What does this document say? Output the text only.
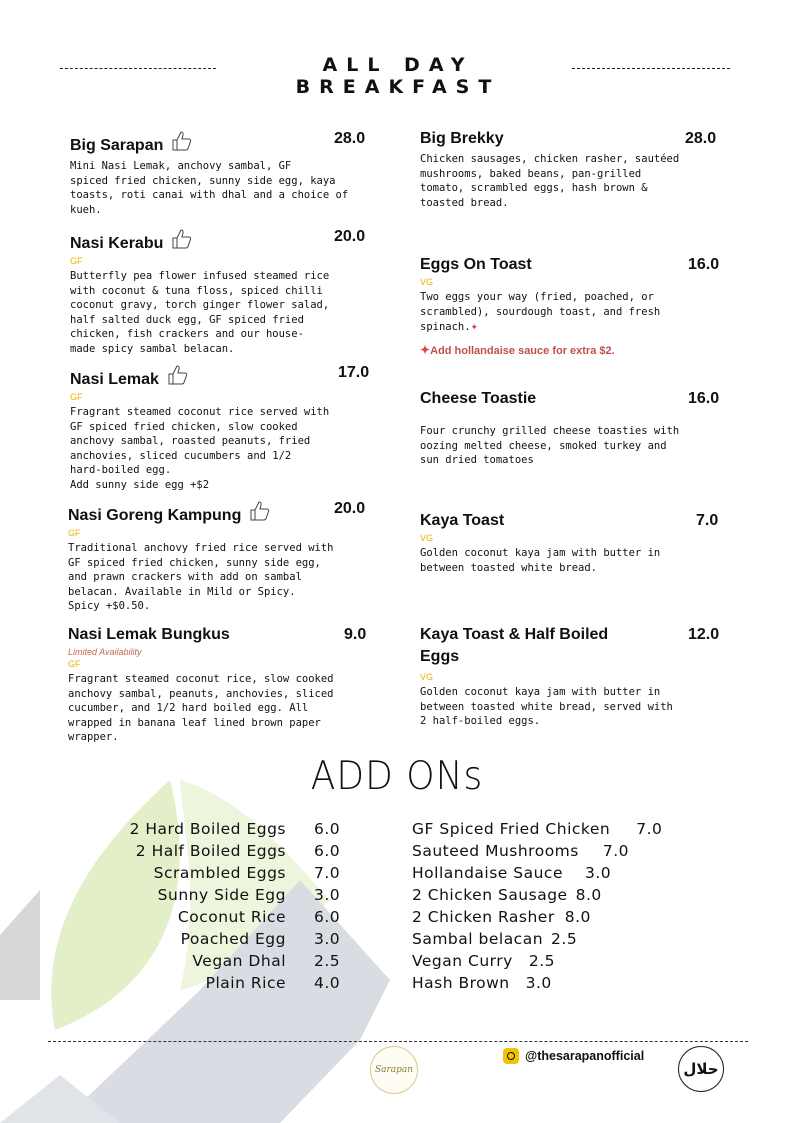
ALL DAY BREAKFAST
Big Sarapan	28.0
Mini Nasi Lemak, anchovy sambal, GF
spiced fried chicken, sunny side egg, kaya
toasts, roti canai with dhal and a choice of
kueh.
Nasi Kerabu	20.0
GF
Butterfly pea flower infused steamed rice
with coconut & tuna floss, spiced chilli
coconut gravy, torch ginger flower salad,
half salted duck egg, GF spiced fried
chicken, fish crackers and our house-
made spicy sambal belacan.
Nasi Lemak	17.0
GF
Fragrant steamed coconut rice served with
GF spiced fried chicken, slow cooked
anchovy sambal, roasted peanuts, fried
anchovies, sliced cucumbers and 1/2
hard-boiled egg.
Add sunny side egg +$2
Nasi Goreng Kampung	20.0
GF
Traditional anchovy fried rice served with
GF spiced fried chicken, sunny side egg,
and prawn crackers with add on sambal
belacan. Available in Mild or Spicy.
Spicy +$0.50.
Nasi Lemak Bungkus	9.0
Limited Availability
GF
Fragrant steamed coconut rice, slow cooked
anchovy sambal, peanuts, anchovies, sliced
cucumber, and 1/2 hard boiled egg. All
wrapped in banana leaf lined brown paper
wrapper.
Big Brekky	28.0
Chicken sausages, chicken rasher, sautéed
mushrooms, baked beans, pan-grilled
tomato, scrambled eggs, hash brown &
toasted bread.
Eggs On Toast	16.0
VG
Two eggs your way (fried, poached, or
scrambled), sourdough toast, and fresh
spinach.✦
✦Add hollandaise sauce for extra $2.
Cheese Toastie	16.0
Four crunchy grilled cheese toasties with
oozing melted cheese, smoked turkey and
sun dried tomatoes
Kaya Toast	7.0
VG
Golden coconut kaya jam with butter in
between toasted white bread.
Kaya Toast & Half Boiled
Eggs
12.0
VG
Golden coconut kaya jam with butter in
between toasted white bread, served with
2 half-boiled eggs.
ADD ONs
2 Hard Boiled Eggs	6.0
2 Half Boiled Eggs	6.0
Scrambled Eggs	7.0
Sunny Side Egg	3.0
Coconut Rice	6.0
Poached Egg	3.0
Vegan Dhal	2.5
Plain Rice	4.0
GF Spiced Fried Chicken 7.0
Sauteed Mushrooms 7.0
Hollandaise Sauce 3.0
2 Chicken Sausage 8.0
2 Chicken Rasher 8.0
Sambal belacan 2.5
Vegan Curry 2.5
Hash Brown 3.0
Sarapan
@thesarapanofficial
حلال
